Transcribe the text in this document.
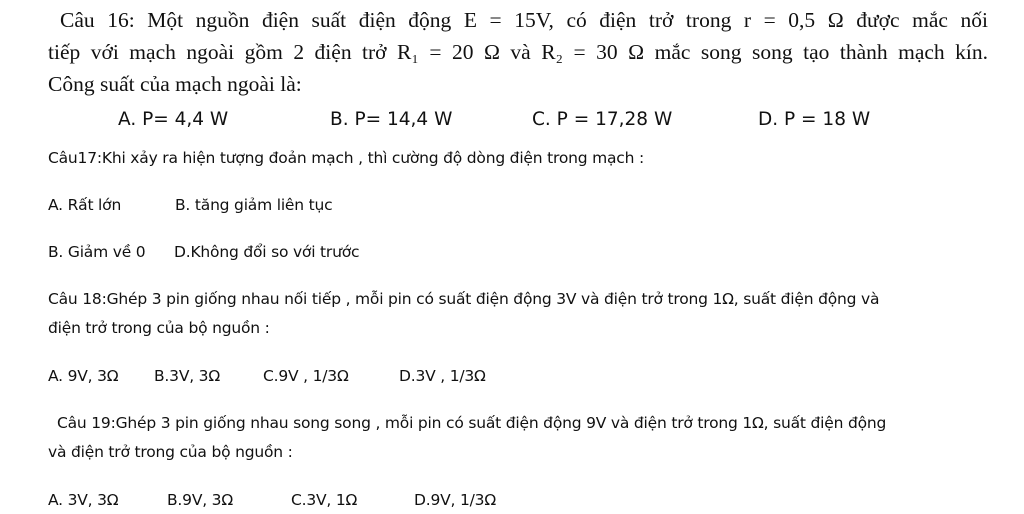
Câu 16: Một nguồn điện suất điện động E = 15V, có điện trở trong r = 0,5 Ω được mắc nối
tiếp với mạch ngoài gồm 2 điện trở R₁ = 20 Ω và R₂ = 30 Ω mắc song song tạo thành mạch kín.
Công suất của mạch ngoài là:
A. P= 4,4 W	B. P= 14,4 W	C. P = 17,28 W	D. P = 18 W
Câu17:Khi xảy ra hiện tượng đoản mạch , thì cường độ dòng điện trong mạch :
A. Rất lớn	B. tăng giảm liên tục
B. Giảm về 0 D.Không đổi so với trước
Câu 18:Ghép 3 pin giống nhau nối tiếp , mỗi pin có suất điện động 3V và điện trở trong 1Ω, suất điện động và
điện trở trong của bộ nguồn :
A. 9V, 3Ω B.3V, 3Ω	C.9V , 1/3Ω	D.3V , 1/3Ω
Câu 19:Ghép 3 pin giống nhau song song , mỗi pin có suất điện động 9V và điện trở trong 1Ω, suất điện động
và điện trở trong của bộ nguồn :
A. 3V, 3Ω	B.9V, 3Ω	C.3V, 1Ω	D.9V, 1/3Ω
